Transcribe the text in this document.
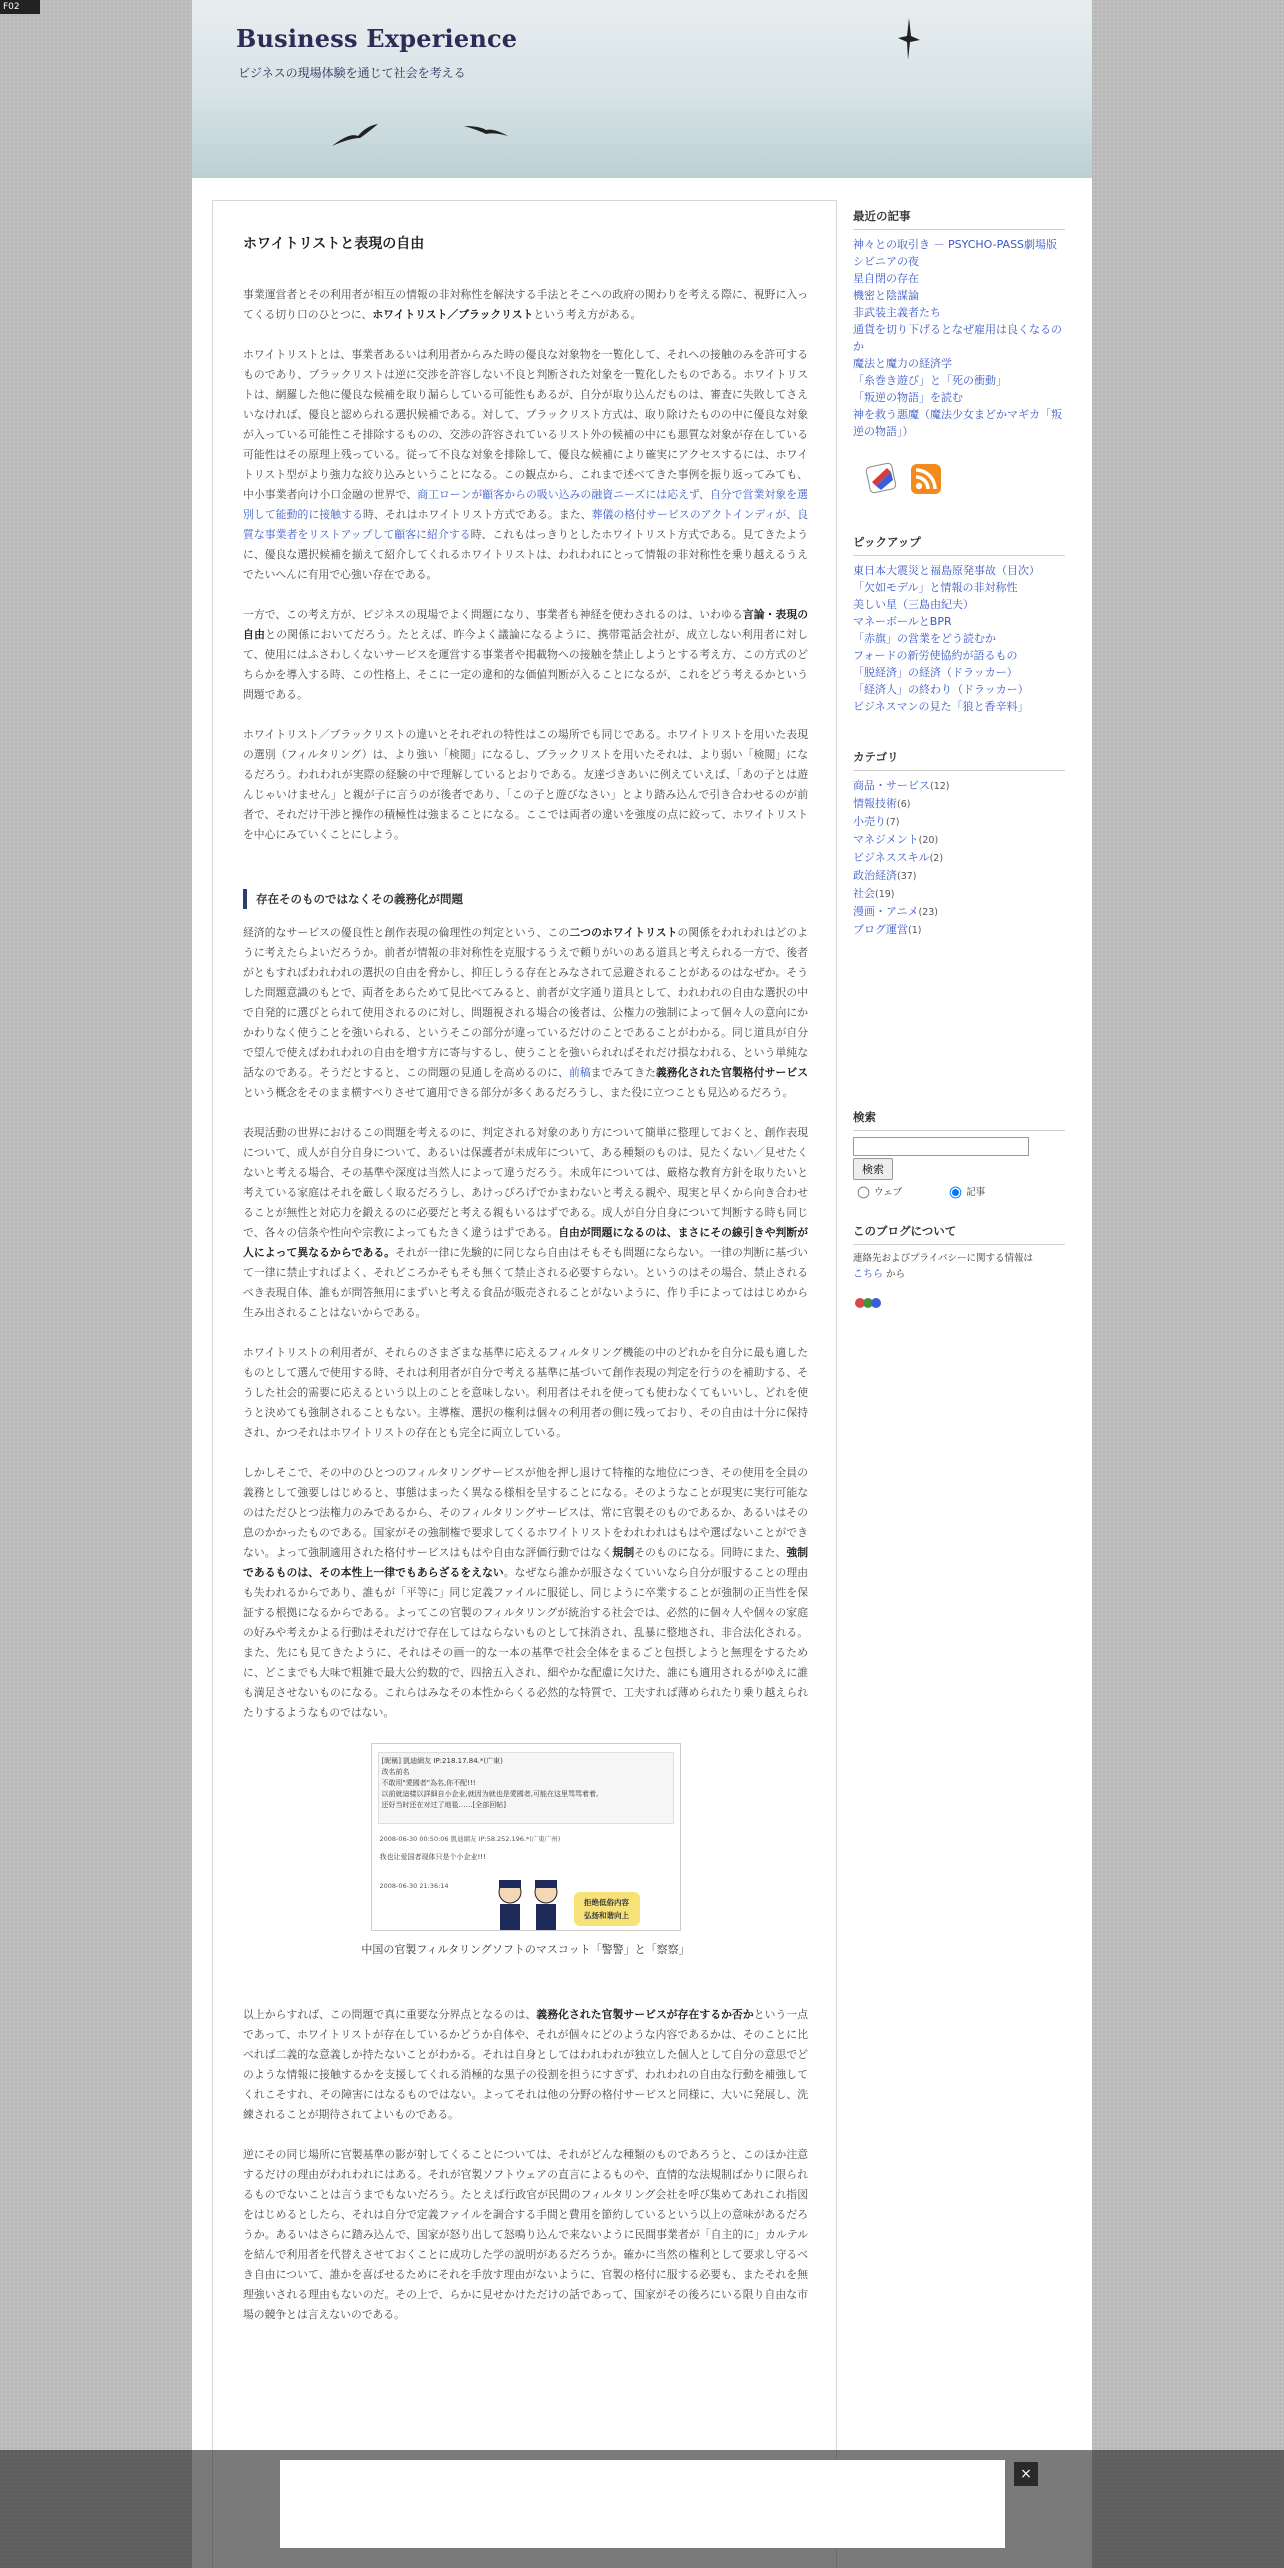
F02
Business Experience
ビジネスの現場体験を通じて社会を考える
ホワイトリストと表現の自由

事業運営者とその利用者が相互の情報の非対称性を解決する手法とそこへの政府の関わりを考える際に、視野に入ってくる切り口のひとつに、ホワイトリスト／ブラックリストという考え方がある。

ホワイトリストとは、事業者あるいは利用者からみた時の優良な対象物を一覧化して、それへの接触のみを許可するものであり、ブラックリストは逆に交渉を許容しない不良と判断された対象を一覧化したものである。ホワイトリストは、網羅した他に優良な候補を取り漏らしている可能性もあるが、自分が取り込んだものは、審査に失敗してさえいなければ、優良と認められる選択候補である。対して、ブラックリスト方式は、取り除けたものの中に優良な対象が入っている可能性こそ排除するものの、交渉の許容されているリスト外の候補の中にも悪質な対象が存在している可能性はその原理上残っている。従って不良な対象を排除して、優良な候補により確実にアクセスするには、ホワイトリスト型がより強力な絞り込みということになる。この観点から、これまで述べてきた事例を振り返ってみても、中小事業者向け小口金融の世界で、商工ローンが顧客からの吸い込みの融資ニーズには応えず、自分で営業対象を選別して能動的に接触する時、それはホワイトリスト方式である。また、葬儀の格付サービスのアクトインディが、良質な事業者をリストアップして顧客に紹介する時、これもはっきりとしたホワイトリスト方式である。見てきたように、優良な選択候補を揃えて紹介してくれるホワイトリストは、われわれにとって情報の非対称性を乗り越えるうえでたいへんに有用で心強い存在である。

一方で、この考え方が、ビジネスの現場でよく問題になり、事業者も神経を使わされるのは、いわゆる言論・表現の自由との関係においてだろう。たとえば、昨今よく議論になるように、携帯電話会社が、成立しない利用者に対して、使用にはふさわしくないサービスを運営する事業者や掲載物への接触を禁止しようとする考え方、この方式のどちらかを導入する時、この性格上、そこに一定の違和的な価値判断が入ることになるが、これをどう考えるかという問題である。

ホワイトリスト／ブラックリストの違いとそれぞれの特性はこの場所でも同じである。ホワイトリストを用いた表現の選別（フィルタリング）は、より強い「検閲」になるし、ブラックリストを用いたそれは、より弱い「検閲」になるだろう。われわれが実際の経験の中で理解しているとおりである。友達づきあいに例えていえば、「あの子とは遊んじゃいけません」と親が子に言うのが後者であり、「この子と遊びなさい」とより踏み込んで引き合わせるのが前者で、それだけ干渉と操作の積極性は強まることになる。ここでは両者の違いを強度の点に絞って、ホワイトリストを中心にみていくことにしよう。

存在そのものではなくその義務化が問題

経済的なサービスの優良性と創作表現の倫理性の判定という、この二つのホワイトリストの関係をわれわれはどのように考えたらよいだろうか。前者が情報の非対称性を克服するうえで頼りがいのある道具と考えられる一方で、後者がともすればわれわれの選択の自由を脅かし、抑圧しうる存在とみなされて忌避されることがあるのはなぜか。そうした問題意識のもとで、両者をあらためて見比べてみると、前者が文字通り道具として、われわれの自由な選択の中で自発的に選びとられて使用されるのに対し、問題視される場合の後者は、公権力の強制によって個々人の意向にかかわりなく使うことを強いられる、というそこの部分が違っているだけのことであることがわかる。同じ道具が自分で望んで使えばわれわれの自由を増す方に寄与するし、使うことを強いられればそれだけ損なわれる、という単純な話なのである。そうだとすると、この問題の見通しを高めるのに、前稿までみてきた義務化された官製格付サービスという概念をそのまま横すべりさせて適用できる部分が多くあるだろうし、また役に立つことも見込めるだろう。

表現活動の世界におけるこの問題を考えるのに、判定される対象のあり方について簡単に整理しておくと、創作表現について、成人が自分自身について、あるいは保護者が未成年について、ある種類のものは、見たくない／見せたくないと考える場合、その基準や深度は当然人によって違うだろう。未成年については、厳格な教育方針を取りたいと考えている家庭はそれを厳しく取るだろうし、あけっぴろげでかまわないと考える親や、現実と早くから向き合わせることが無性と対応力を鍛えるのに必要だと考える親もいるはずである。成人が自分自身について判断する時も同じで、各々の信条や性向や宗教によってもたきく違うはずである。自由が問題になるのは、まさにその線引きや判断が人によって異なるからである。それが一律に先験的に同じなら自由はそもそも問題にならない。一律の判断に基づいて一律に禁止すればよく、それどころかそもそも無くて禁止される必要すらない。というのはその場合、禁止されるべき表現自体、誰もが問答無用にまずいと考える食品が販売されることがないように、作り手によってははじめから生み出されることはないからである。

ホワイトリストの利用者が、それらのさまざまな基準に応えるフィルタリング機能の中のどれかを自分に最も適したものとして選んで使用する時、それは利用者が自分で考える基準に基づいて創作表現の判定を行うのを補助する、そうした社会的需要に応えるという以上のことを意味しない。利用者はそれを使っても使わなくてもいいし、どれを使うと決めても強制されることもない。主導権、選択の権利は個々の利用者の側に残っており、その自由は十分に保持され、かつそれはホワイトリストの存在とも完全に両立している。

しかしそこで、その中のひとつのフィルタリングサービスが他を押し退けて特権的な地位につき、その使用を全員の義務として強要しはじめると、事態はまったく異なる様相を呈することになる。そのようなことが現実に実行可能なのはただひとつ法権力のみであるから、そのフィルタリングサービスは、常に官製そのものであるか、あるいはその息のかかったものである。国家がその強制権で要求してくるホワイトリストをわれわれはもはや選ばないことができない。よって強制適用された格付サービスはもはや自由な評価行動ではなく規制そのものになる。同時にまた、強制であるものは、その本性上一律でもあらざるをえない。なぜなら誰かが服さなくていいなら自分が服することの理由も失われるからであり、誰もが「平等に」同じ定義ファイルに服従し、同じように卒業することが強制の正当性を保証する根拠になるからである。よってこの官製のフィルタリングが統治する社会では、必然的に個々人や個々の家庭の好みや考えかよる行動はそれだけで存在してはならないものとして抹消され、乱暴に整地され、非合法化される。また、先にも見てきたように、それはその画一的な一本の基準で社会全体をまるごと包摂しようと無理をするために、どこまでも大味で粗雑で最大公約数的で、四捨五入され、細やかな配慮に欠けた、誰にも適用されるがゆえに誰も満足させないものになる。これらはみなその本性からくる必然的な特質で、工夫すれば薄められたり乗り越えられたりするようなものではない。

[昵稱] 凱迪網友 IP:218.17.84.*(广東)
改名前名
不敢用"愛國者"為名,你不配!!!
以前就這樣以詳細自小企业,就因为就也是愛國者,可能在这里骂骂着着,
还好当时还在对过了地毯……[全部回帖]
2008-06-30 00:50:06 凱迪網友 IP:58.252.196.*(广東广州)
我也让爱国者现体只是个小企业!!!
2008-06-30 21:36:14
拒绝低俗内容
弘扬和谐向上
中国の官製フィルタリングソフトのマスコット「警警」と「察察」

以上からすれば、この問題で真に重要な分界点となるのは、義務化された官製サービスが存在するか否かという一点であって、ホワイトリストが存在しているかどうか自体や、それが個々にどのような内容であるかは、そのことに比べれば二義的な意義しか持たないことがわかる。それは自身としてはわれわれが独立した個人として自分の意思でどのような情報に接触するかを支援してくれる消極的な黒子の役割を担うにすぎず、われわれの自由な行動を補強してくれこそすれ、その障害にはなるものではない。よってそれは他の分野の格付サービスと同様に、大いに発展し、洗練されることが期待されてよいものである。

逆にその同じ場所に官製基準の影が射してくることについては、それがどんな種類のものであろうと、このほか注意するだけの理由がわれわれにはある。それが官製ソフトウェアの直言によるものや、直情的な法規制ばかりに限られるものでないことは言うまでもないだろう。たとえば行政官が民間のフィルタリング会社を呼び集めてあれこれ指図をはじめるとしたら、それは自分で定義ファイルを調合する手間と費用を節約しているという以上の意味があるだろうか。あるいはさらに踏み込んで、国家が怒り出して怒鳴り込んで来ないように民間事業者が「自主的に」カルテルを結んで利用者を代替えさせておくことに成功した学の説明があるだろうか。確かに当然の権利として要求し守るべき自由について、誰かを喜ばせるためにそれを手放す理由がないように、官製の格付に服する必要も、またそれを無理強いされる理由もないのだ。その上で、らかに見せかけただけの話であって、国家がその後ろにいる限り自由な市場の競争とは言えないのである。

最近の記事
神々との取引き － PSYCHO-PASS劇場版
シビニアの夜
星自閉の存在
機密と陰謀論
非武装主義者たち
通貨を切り下げるとなぜ雇用は良くなるのか
魔法と魔力の経済学
「糸巻き遊び」と「死の衝動」
「叛逆の物語」を読む
神を救う悪魔（魔法少女まどかマギカ「叛逆の物語」）
ピックアップ
東日本大震災と福島原発事故（目次）
「欠如モデル」と情報の非対称性
美しい星（三島由紀夫）
マネーボールとBPR
「赤旗」の営業をどう読むか
フォードの新労使協約が語るもの
「脱経済」の経済（ドラッカー）
「経済人」の終わり（ドラッカー）
ビジネスマンの見た「狼と香辛料」
カテゴリ
商品・サービス(12)
情報技術(6)
小売り(7)
マネジメント(20)
ビジネススキル(2)
政治経済(37)
社会(19)
漫画・アニメ(23)
ブログ運営(1)
検索
検索
ウェブ	記事
このブログについて
連絡先およびプライバシーに関する情報は
こちら から
×
